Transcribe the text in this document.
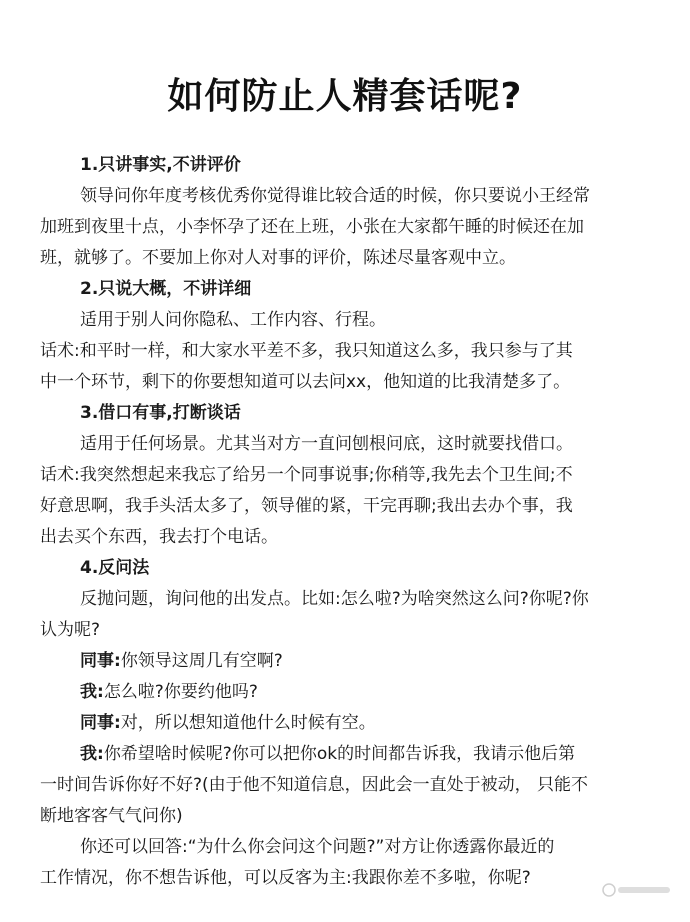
如何防止人精套话呢?
1.只讲事实,不讲评价
领导问你年度考核优秀你觉得谁比较合适的时候，你只要说小王经常
加班到夜里十点，小李怀孕了还在上班，小张在大家都午睡的时候还在加
班，就够了。不要加上你对人对事的评价，陈述尽量客观中立。
2.只说大概，不讲详细
适用于别人问你隐私、工作内容、行程。
话术:和平时一样，和大家水平差不多，我只知道这么多，我只参与了其
中一个环节，剩下的你要想知道可以去问xx，他知道的比我清楚多了。
3.借口有事,打断谈话
适用于任何场景。尤其当对方一直问刨根问底，这时就要找借口。
话术:我突然想起来我忘了给另一个同事说事;你稍等,我先去个卫生间;不
好意思啊，我手头活太多了，领导催的紧，干完再聊;我出去办个事，我
出去买个东西，我去打个电话。
4.反问法
反抛问题，询问他的出发点。比如:怎么啦?为啥突然这么问?你呢?你
认为呢?
同事:你领导这周几有空啊?
我:怎么啦?你要约他吗?
同事:对，所以想知道他什么时候有空。
我:你希望啥时候呢?你可以把你ok的时间都告诉我，我请示他后第
一时间告诉你好不好?(由于他不知道信息，因此会一直处于被动， 只能不
断地客客气气问你)
你还可以回答:“为什么你会问这个问题?”对方让你透露你最近的
工作情况，你不想告诉他，可以反客为主:我跟你差不多啦，你呢?
